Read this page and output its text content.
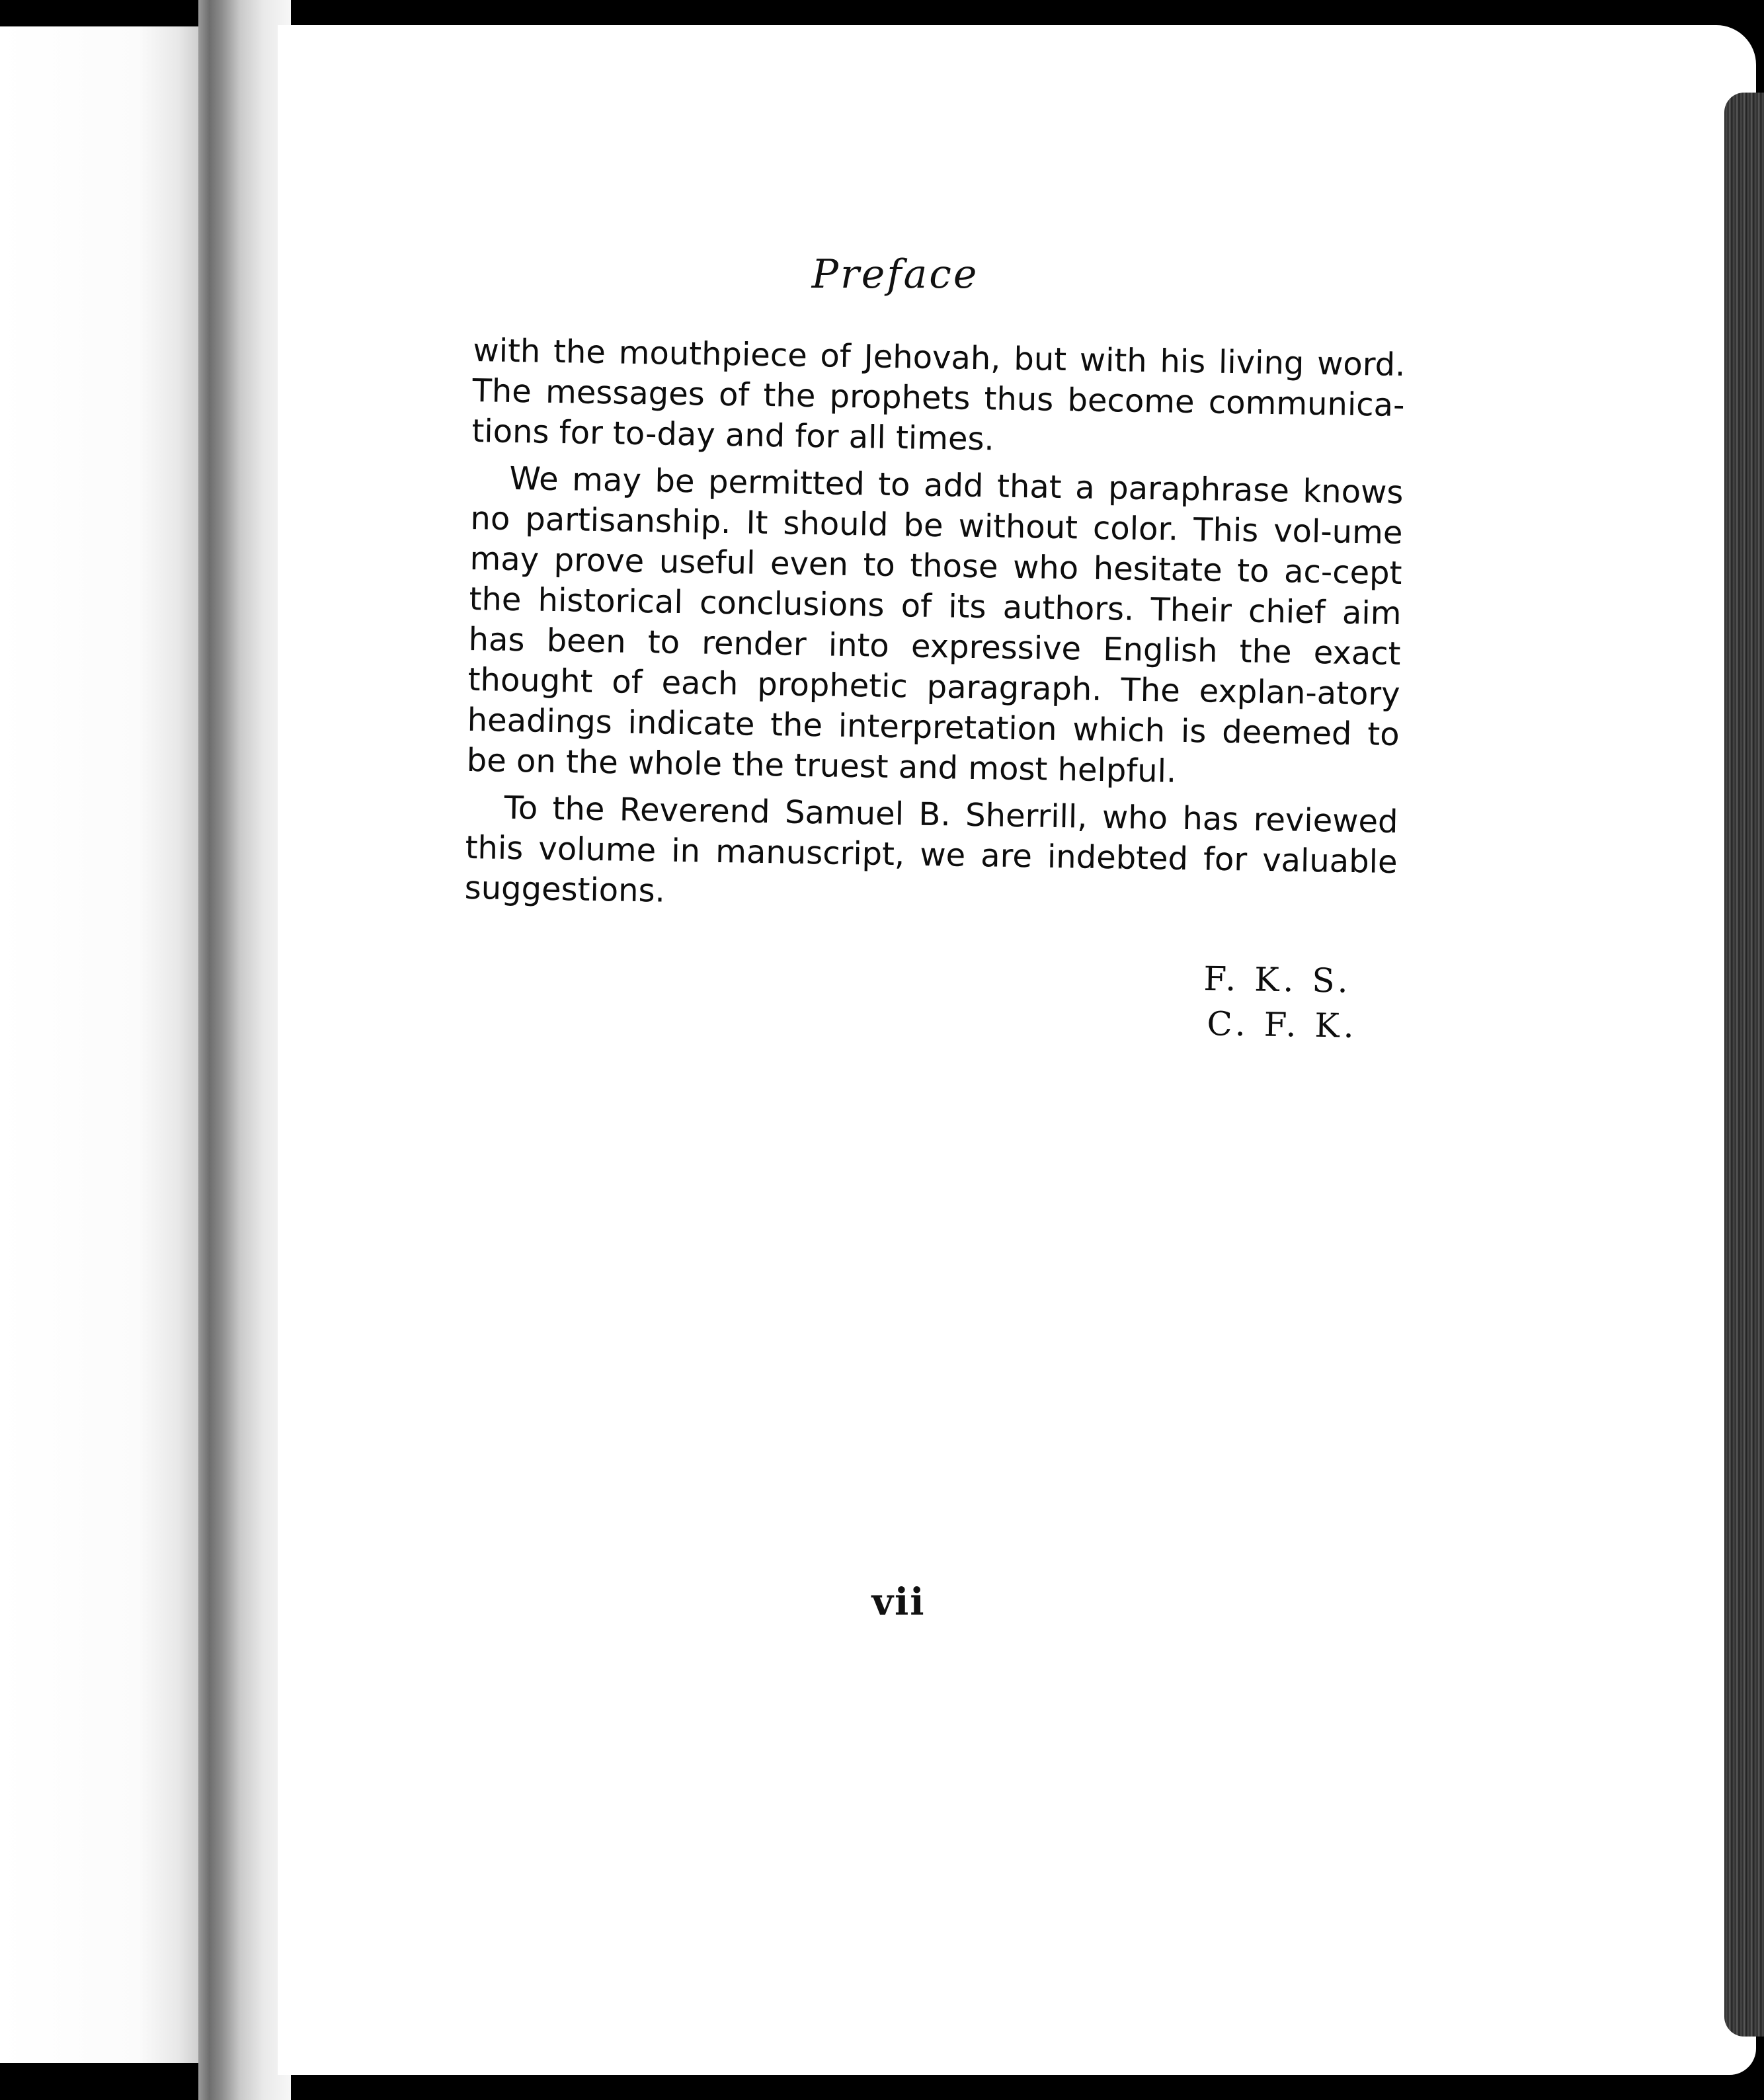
Preface

with the mouthpiece of Jehovah, but with his living word. The messages of the prophets thus become communica-tions for to-day and for all times.

We may be permitted to add that a paraphrase knows no partisanship. It should be without color. This vol-ume may prove useful even to those who hesitate to ac-cept the historical conclusions of its authors. Their chief aim has been to render into expressive English the exact thought of each prophetic paragraph. The explan-atory headings indicate the interpretation which is deemed to be on the whole the truest and most helpful.

To the Reverend Samuel B. Sherrill, who has reviewed this volume in manuscript, we are indebted for valuable suggestions.

F. K. S.
C. F. K.
vii
